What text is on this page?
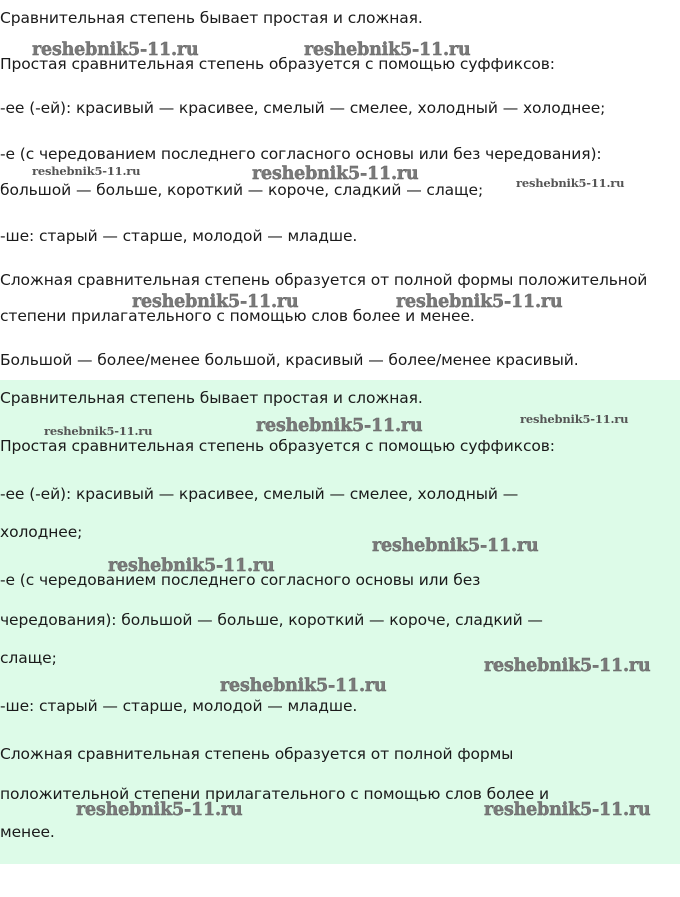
Сравнительная степень бывает простая и сложная.
Простая сравнительная степень образуется с помощью суффиксов:
-ее (-ей): красивый — красивее, смелый — смелее, холодный — холоднее;
-е (с чередованием последнего согласного основы или без чередования):
большой — больше, короткий — короче, сладкий — слаще;
-ше: старый — старше, молодой — младше.
Сложная сравнительная степень образуется от полной формы положительной
степени прилагательного с помощью слов более и менее.
Большой — более/менее большой, красивый — более/менее красивый.
Сравнительная степень бывает простая и сложная.
Простая сравнительная степень образуется с помощью суффиксов:
-ее (-ей): красивый — красивее, смелый — смелее, холодный —
холоднее;
-е (с чередованием последнего согласного основы или без
чередования): большой — больше, короткий — короче, сладкий —
слаще;
-ше: старый — старше, молодой — младше.
Сложная сравнительная степень образуется от полной формы
положительной степени прилагательного с помощью слов более и
менее.
reshebnik5-11.ru	reshebnik5-11.ru
reshebnik5-11.ru	reshebnik5-11.ru	reshebnik5-11.ru
reshebnik5-11.ru	reshebnik5-11.ru
reshebnik5-11.ru	reshebnik5-11.ru	reshebnik5-11.ru
reshebnik5-11.ru
reshebnik5-11.ru
reshebnik5-11.ru
reshebnik5-11.ru
reshebnik5-11.ru	reshebnik5-11.ru
